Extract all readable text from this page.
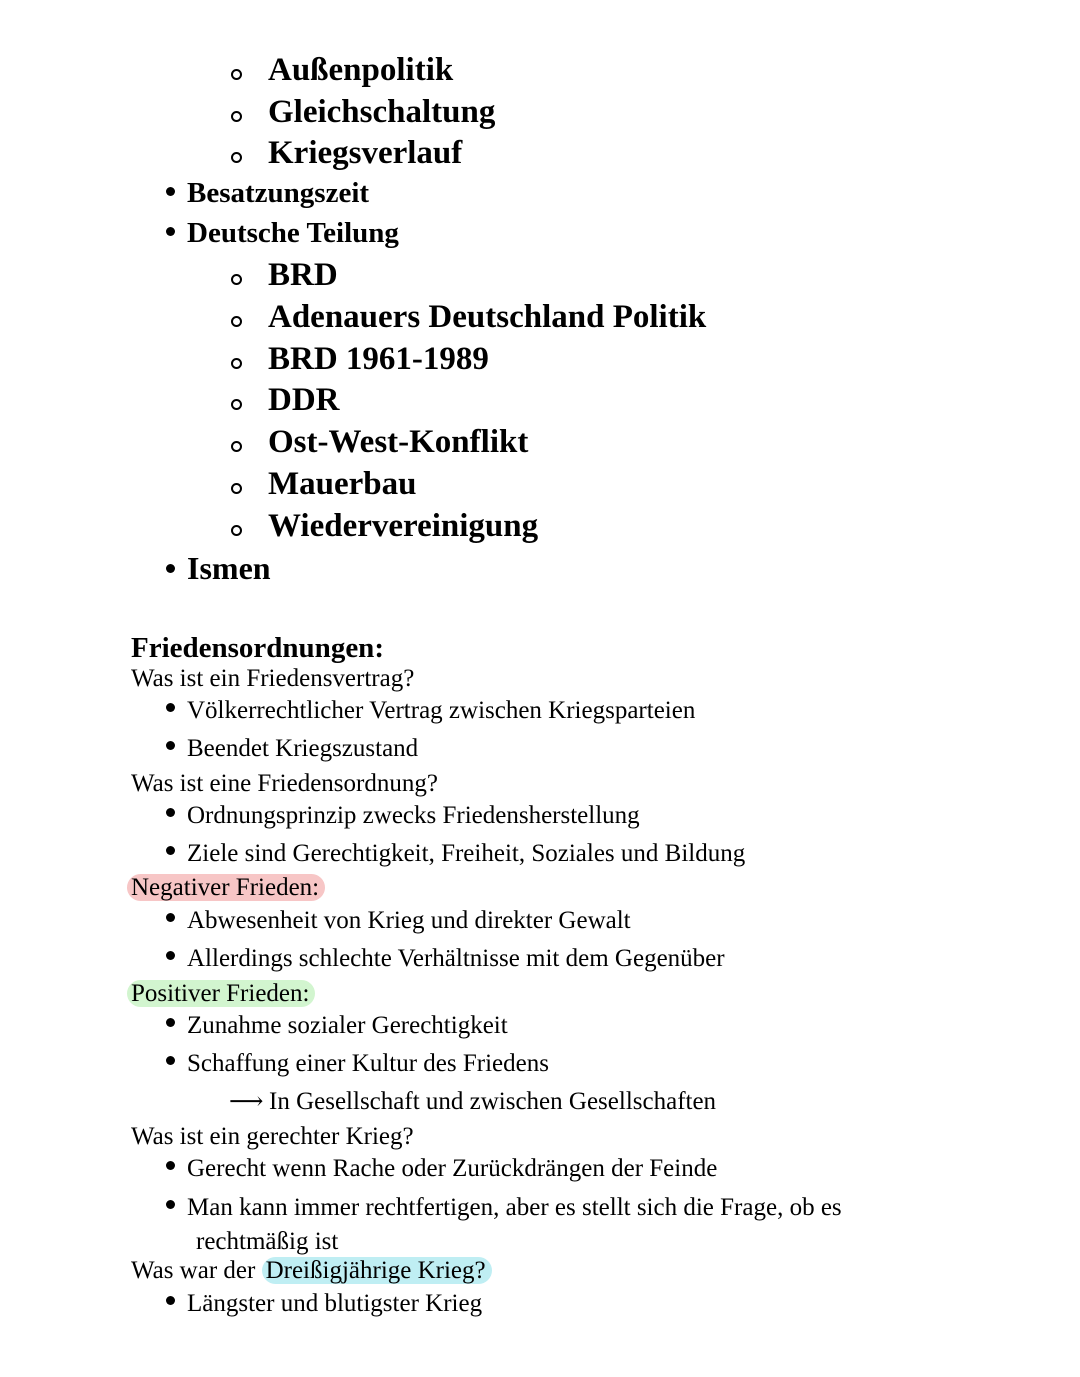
Außenpolitik
Gleichschaltung
Kriegsverlauf
Besatzungszeit
Deutsche Teilung
BRD
Adenauers Deutschland Politik
BRD 1961-1989
DDR
Ost-West-Konflikt
Mauerbau
Wiedervereinigung
Ismen
Friedensordnungen:
Was ist ein Friedensvertrag?
Völkerrechtlicher Vertrag zwischen Kriegsparteien
Beendet Kriegszustand
Was ist eine Friedensordnung?
Ordnungsprinzip zwecks Friedensherstellung
Ziele sind Gerechtigkeit, Freiheit, Soziales und Bildung
Negativer Frieden:
Abwesenheit von Krieg und direkter Gewalt
Allerdings schlechte Verhältnisse mit dem Gegenüber
Positiver Frieden:
Zunahme sozialer Gerechtigkeit
Schaffung einer Kultur des Friedens
⟶ In Gesellschaft und zwischen Gesellschaften
Was ist ein gerechter Krieg?
Gerecht wenn Rache oder Zurückdrängen der Feinde
Man kann immer rechtfertigen, aber es stellt sich die Frage, ob es
rechtmäßig ist
Was war der Dreißigjährige Krieg?
Längster und blutigster Krieg
